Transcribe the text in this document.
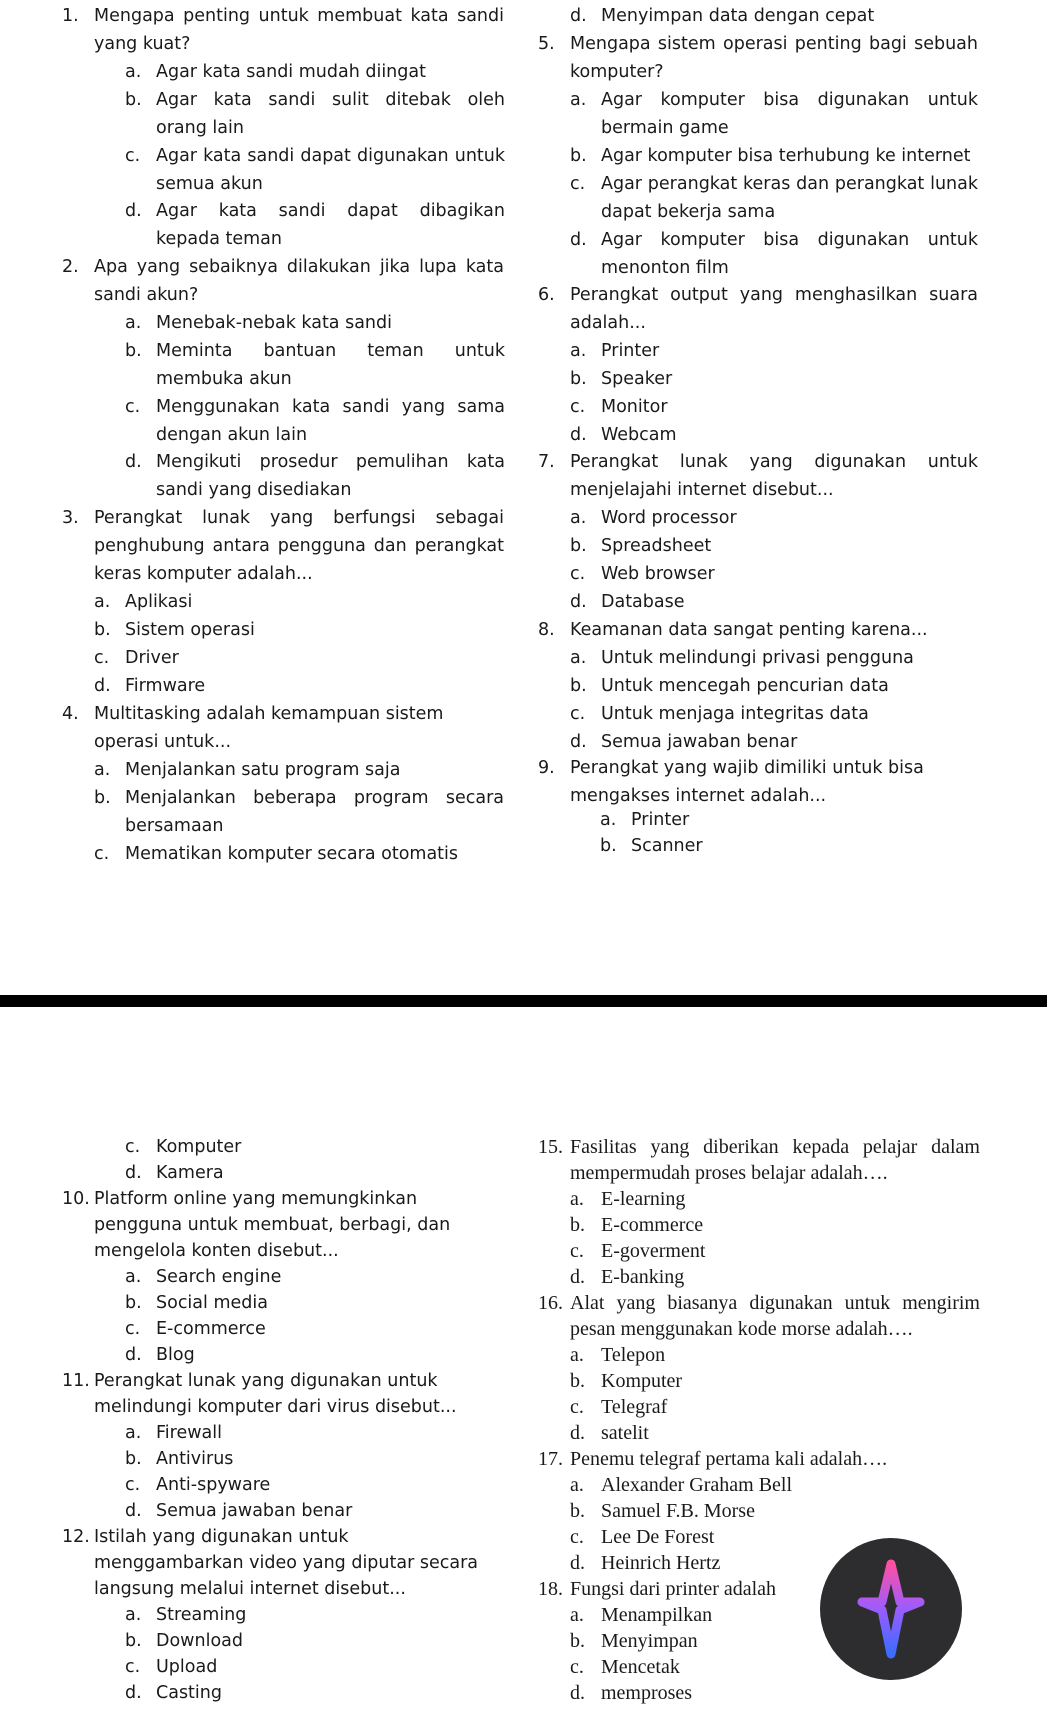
1. Mengapa penting untuk membuat kata sandi yang kuat?
a. Agar kata sandi mudah diingat
b. Agar kata sandi sulit ditebak oleh orang lain
c. Agar kata sandi dapat digunakan untuk semua akun
d. Agar kata sandi dapat dibagikan kepada teman
2. Apa yang sebaiknya dilakukan jika lupa kata sandi akun?
a. Menebak-nebak kata sandi
b. Meminta bantuan teman untuk membuka akun
c. Menggunakan kata sandi yang sama dengan akun lain
d. Mengikuti prosedur pemulihan kata sandi yang disediakan
3. Perangkat lunak yang berfungsi sebagai penghubung antara pengguna dan perangkat keras komputer adalah...
a. Aplikasi
b. Sistem operasi
c. Driver
d. Firmware
4. Multitasking adalah kemampuan sistem operasi untuk...
a. Menjalankan satu program saja
b. Menjalankan beberapa program secara bersamaan
c. Mematikan komputer secara otomatis
d. Menyimpan data dengan cepat
5. Mengapa sistem operasi penting bagi sebuah komputer?
a. Agar komputer bisa digunakan untuk bermain game
b. Agar komputer bisa terhubung ke internet
c. Agar perangkat keras dan perangkat lunak dapat bekerja sama
d. Agar komputer bisa digunakan untuk menonton film
6. Perangkat output yang menghasilkan suara adalah...
a. Printer
b. Speaker
c. Monitor
d. Webcam
7. Perangkat lunak yang digunakan untuk menjelajahi internet disebut...
a. Word processor
b. Spreadsheet
c. Web browser
d. Database
8. Keamanan data sangat penting karena...
a. Untuk melindungi privasi pengguna
b. Untuk mencegah pencurian data
c. Untuk menjaga integritas data
d. Semua jawaban benar
9. Perangkat yang wajib dimiliki untuk bisa mengakses internet adalah...
a. Printer
b. Scanner
c. Komputer
d. Kamera
10. Platform online yang memungkinkan pengguna untuk membuat, berbagi, dan mengelola konten disebut...
a. Search engine
b. Social media
c. E-commerce
d. Blog
11. Perangkat lunak yang digunakan untuk melindungi komputer dari virus disebut...
a. Firewall
b. Antivirus
c. Anti-spyware
d. Semua jawaban benar
12. Istilah yang digunakan untuk menggambarkan video yang diputar secara langsung melalui internet disebut...
a. Streaming
b. Download
c. Upload
d. Casting
15. Fasilitas yang diberikan kepada pelajar dalam mempermudah proses belajar adalah….
a. E-learning
b. E-commerce
c. E-goverment
d. E-banking
16. Alat yang biasanya digunakan untuk mengirim pesan menggunakan kode morse adalah….
a. Telepon
b. Komputer
c. Telegraf
d. satelit
17. Penemu telegraf pertama kali adalah….
a. Alexander Graham Bell
b. Samuel F.B. Morse
c. Lee De Forest
d. Heinrich Hertz
18. Fungsi dari printer adalah
a. Menampilkan
b. Menyimpan
c. Mencetak
d. memproses
